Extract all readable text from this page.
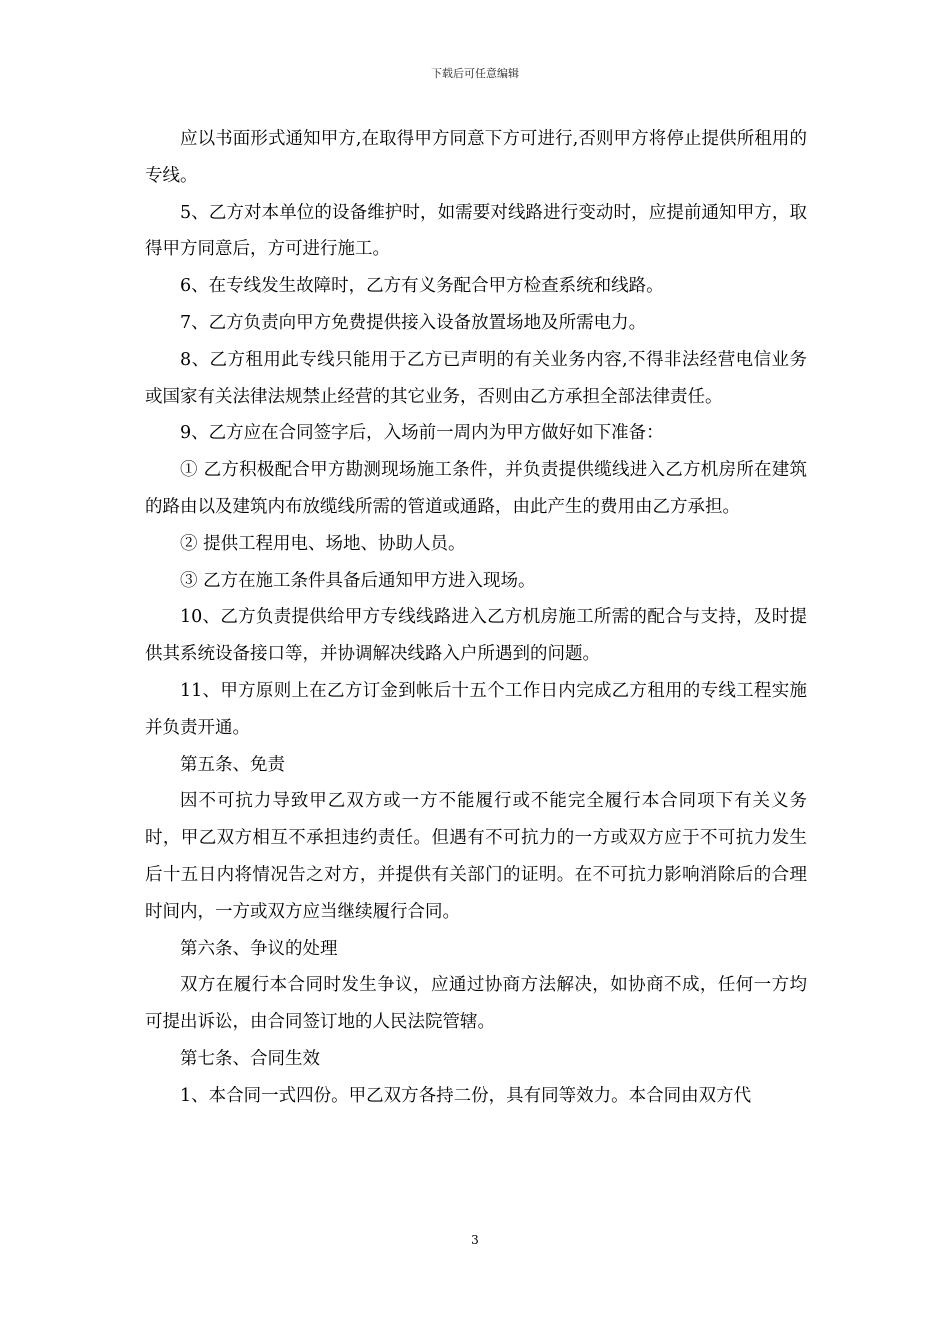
下载后可任意编辑

应以书面形式通知甲方,在取得甲方同意下方可进行,否则甲方将停止提供所租用的专线。

5、乙方对本单位的设备维护时，如需要对线路进行变动时，应提前通知甲方，取得甲方同意后，方可进行施工。

6、在专线发生故障时，乙方有义务配合甲方检查系统和线路。

7、乙方负责向甲方免费提供接入设备放置场地及所需电力。

8、乙方租用此专线只能用于乙方已声明的有关业务内容,不得非法经营电信业务或国家有关法律法规禁止经营的其它业务，否则由乙方承担全部法律责任。

9、乙方应在合同签字后，入场前一周内为甲方做好如下准备：

① 乙方积极配合甲方勘测现场施工条件，并负责提供缆线进入乙方机房所在建筑的路由以及建筑内布放缆线所需的管道或通路，由此产生的费用由乙方承担。

② 提供工程用电、场地、协助人员。

③ 乙方在施工条件具备后通知甲方进入现场。

10、乙方负责提供给甲方专线线路进入乙方机房施工所需的配合与支持，及时提供其系统设备接口等，并协调解决线路入户所遇到的问题。

11、甲方原则上在乙方订金到帐后十五个工作日内完成乙方租用的专线工程实施并负责开通。

第五条、免责

因不可抗力导致甲乙双方或一方不能履行或不能完全履行本合同项下有关义务时，甲乙双方相互不承担违约责任。但遇有不可抗力的一方或双方应于不可抗力发生后十五日内将情况告之对方，并提供有关部门的证明。在不可抗力影响消除后的合理时间内，一方或双方应当继续履行合同。

第六条、争议的处理

双方在履行本合同时发生争议，应通过协商方法解决，如协商不成，任何一方均可提出诉讼，由合同签订地的人民法院管辖。

第七条、合同生效

1、本合同一式四份。甲乙双方各持二份，具有同等效力。本合同由双方代

3
